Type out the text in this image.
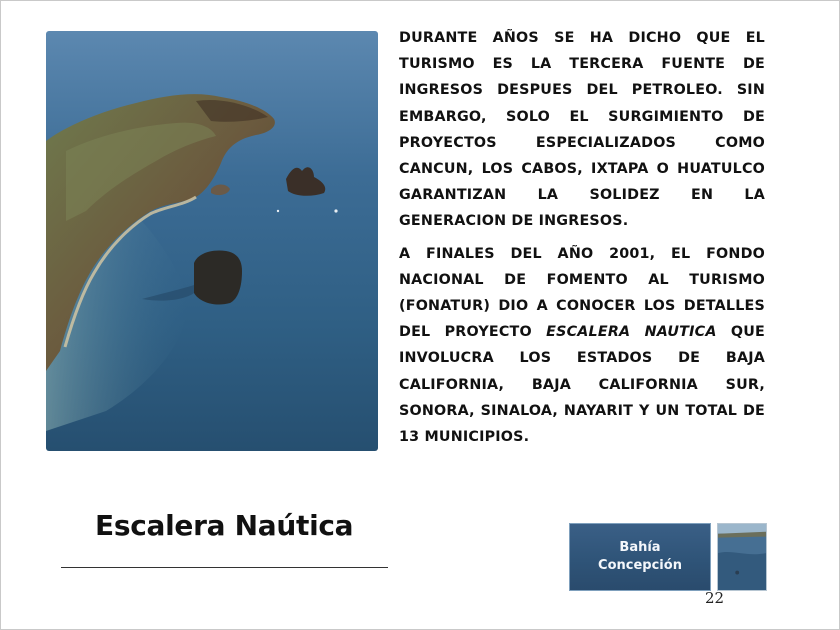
DURANTE AÑOS SE HA DICHO QUE EL TURISMO ES LA TERCERA FUENTE DE INGRESOS DESPUES DEL PETROLEO. SIN EMBARGO, SOLO EL SURGIMIENTO DE PROYECTOS ESPECIALIZADOS COMO CANCUN, LOS CABOS, IXTAPA O HUATULCO GARANTIZAN LA SOLIDEZ EN LA GENERACION DE INGRESOS.

A FINALES DEL AÑO 2001, EL FONDO NACIONAL DE FOMENTO AL TURISMO (FONATUR) DIO A CONOCER LOS DETALLES DEL PROYECTO ESCALERA NAUTICA QUE INVOLUCRA LOS ESTADOS DE BAJA CALIFORNIA, BAJA CALIFORNIA SUR, SONORA, SINALOA, NAYARIT Y UN TOTAL DE 13 MUNICIPIOS.

Escalera Naútica
Bahía
Concepción
22
